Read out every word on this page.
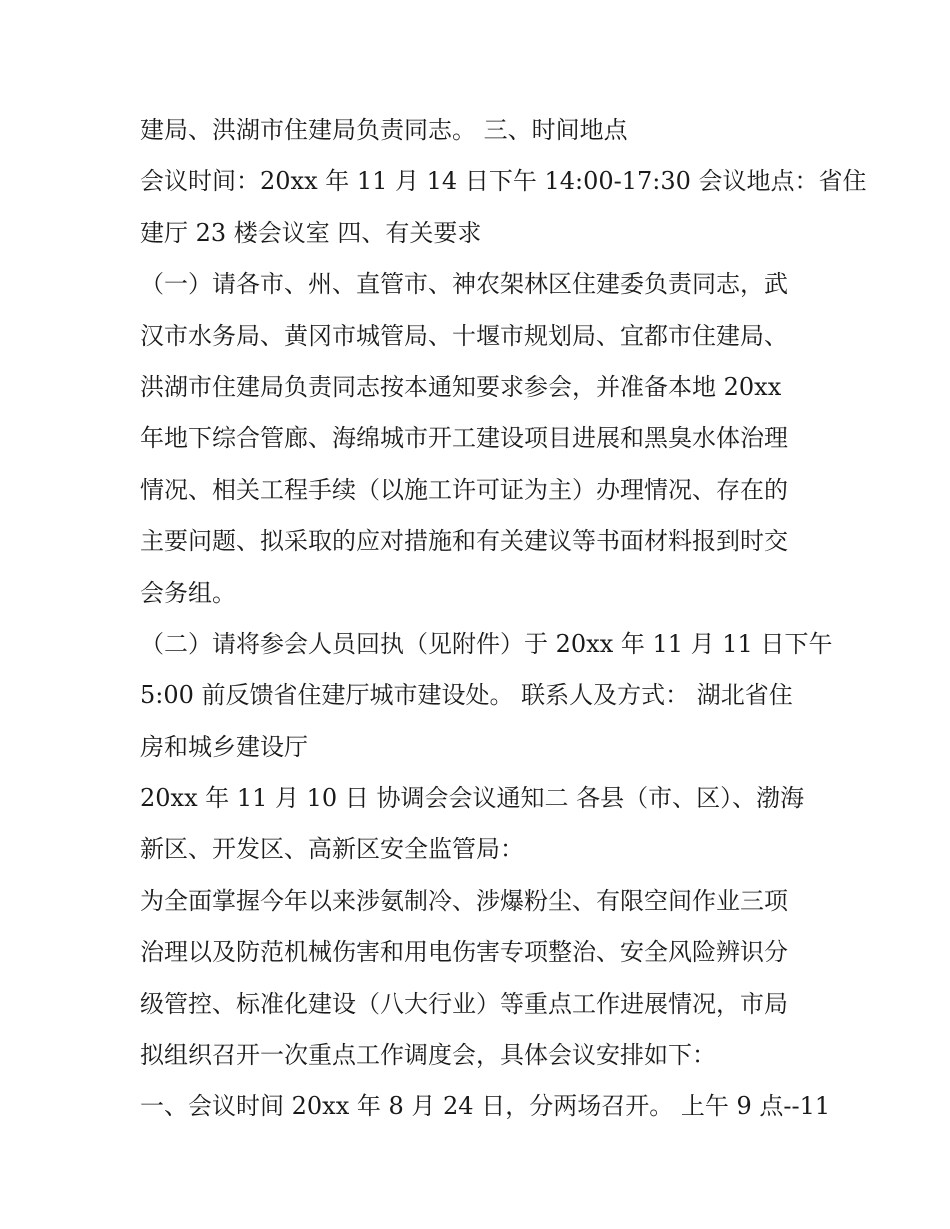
建局、洪湖市住建局负责同志。 三、时间地点
会议时间：20xx 年 11 月 14 日下午 14:00-17:30 会议地点：省住
建厅 23 楼会议室 四、有关要求
（一）请各市、州、直管市、神农架林区住建委负责同志，武
汉市水务局、黄冈市城管局、十堰市规划局、宜都市住建局、
洪湖市住建局负责同志按本通知要求参会，并准备本地 20xx
年地下综合管廊、海绵城市开工建设项目进展和黑臭水体治理
情况、相关工程手续（以施工许可证为主）办理情况、存在的
主要问题、拟采取的应对措施和有关建议等书面材料报到时交
会务组。
（二）请将参会人员回执（见附件）于 20xx 年 11 月 11 日下午
5:00 前反馈省住建厅城市建设处。 联系人及方式： 湖北省住
房和城乡建设厅
20xx 年 11 月 10 日 协调会会议通知二 各县（市、区）、渤海
新区、开发区、高新区安全监管局：
为全面掌握今年以来涉氨制冷、涉爆粉尘、有限空间作业三项
治理以及防范机械伤害和用电伤害专项整治、安全风险辨识分
级管控、标准化建设（八大行业）等重点工作进展情况，市局
拟组织召开一次重点工作调度会，具体会议安排如下：
一、会议时间 20xx 年 8 月 24 日，分两场召开。 上午 9 点--11
